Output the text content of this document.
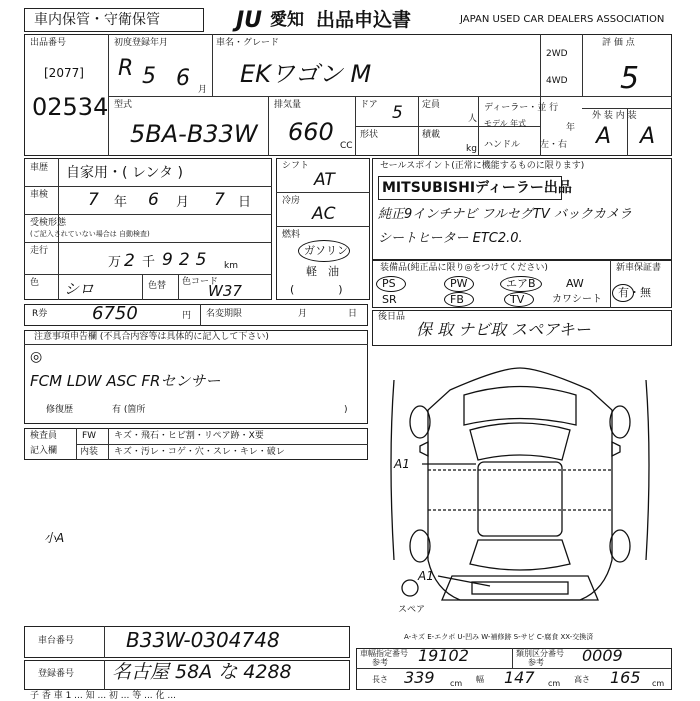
車内保管・守衛保管	JU 愛知 出品申込書	JAPAN USED CAR DEALERS ASSOCIATION
出品番号
[2077]
02534
初度登録年月
R 5 6 月
車名・グレード
EKワゴン M
2WD
4WD
評 価 点
5
外 装 内 装
A A
型式
5BA-B33W
排気量
660 CC
ドア 5 定員
人
形状	積載
kg
ディーラー・並 行
モデル 年式	年
ハンドル 左・右
車歴 自家用・( レンタ )
車検 7 年 6 月 7 日
受検形態
(ご記入されていない場合は 自動検査)
走行
万 2 千 925 km
色 シロ	色替 色コード
W37
シフト
AT
冷房
AC
燃料
ガソリン
軽　油
(　　　　)
セールスポイント(正常に機能するものに限ります)
MITSUBISHIディーラー出品
純正9インチナビ フルセグTV バックカメラ
シートヒーター ETC2.0.
装備品(純正品に限り◎をつけてください)	新車保証書
有・無
PS	PW	エアB	AW
SR	FB	TV	カワシート
後日品
保 取 ナビ取 スペアキー
R券 6750	円 名変期限	月	日
注意事項申告欄 (不具合内容等は具体的に記入して下さい)
◎
FCM LDW ASC FRセンサー
修復歴	有 (箇所	)
検査員
記入欄
FW キズ・飛石・ヒビ割・リペア跡・X要
内装 キズ・汚レ・コゲ・穴・スレ・キレ・破レ
小A
A1
A1
スペア
A-キズ E-エクボ U-凹み W-補修跡 S-サビ C-腐食 XX-交換済
車台番号	B33W-0304748
登録番号 名古屋 58A な 4288
車幅指定番号
参考 19102	類別区分番号
参考 0009
長さ 339 cm 幅 147 cm 高さ 165 cm
子 香 車 1 ... 知 ... 初 ... 等 ... 化 ...
